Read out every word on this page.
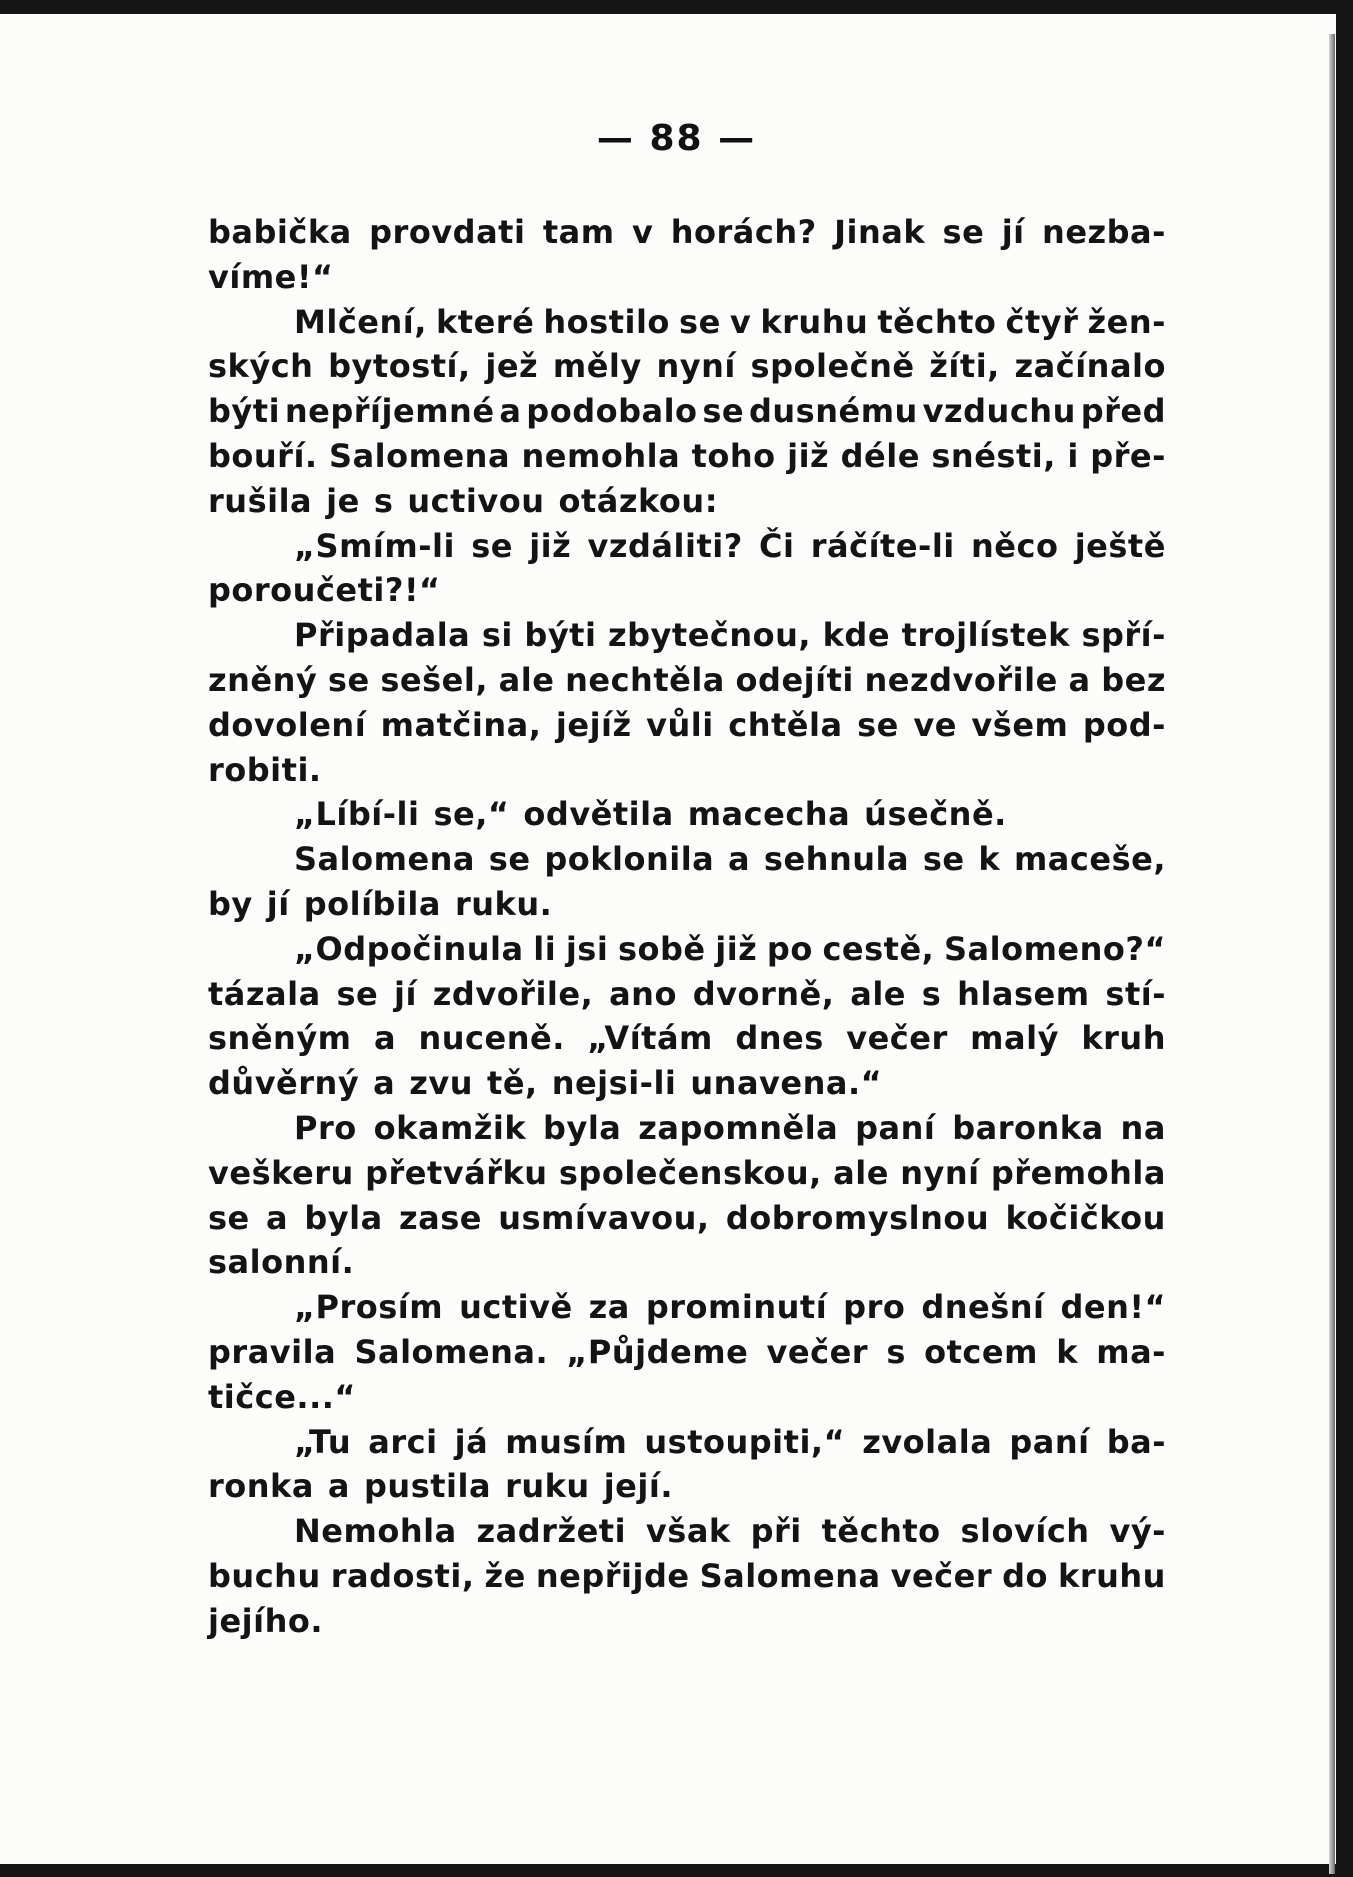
— 88 —
babička provdati tam v horách? Jinak se jí nezba-
víme!“
Mlčení, které hostilo se v kruhu těchto čtyř žen-
ských bytostí, jež měly nyní společně žíti, začínalo
býti nepříjemné a podobalo se dusnému vzduchu před
bouří. Salomena nemohla toho již déle snésti, i pře-
rušila je s uctivou otázkou:
„Smím-li se již vzdáliti? Či ráčíte-li něco ještě
poroučeti?!“
Připadala si býti zbytečnou, kde trojlístek spří-
zněný se sešel, ale nechtěla odejíti nezdvořile a bez
dovolení matčina, jejíž vůli chtěla se ve všem pod-
robiti.
„Líbí-li se,“ odvětila macecha úsečně.
Salomena se poklonila a sehnula se k maceše,
by jí políbila ruku.
„Odpočinula li jsi sobě již po cestě, Salomeno?“
tázala se jí zdvořile, ano dvorně, ale s hlasem stí-
sněným a nuceně. „Vítám dnes večer malý kruh
důvěrný a zvu tě, nejsi-li unavena.“
Pro okamžik byla zapomněla paní baronka na
veškeru přetvářku společenskou, ale nyní přemohla
se a byla zase usmívavou, dobromyslnou kočičkou
salonní.
„Prosím uctivě za prominutí pro dnešní den!“
pravila Salomena. „Půjdeme večer s otcem k ma-
tičce...“
„Tu arci já musím ustoupiti,“ zvolala paní ba-
ronka a pustila ruku její.
Nemohla zadržeti však při těchto slovích vý-
buchu radosti, že nepřijde Salomena večer do kruhu
jejího.
